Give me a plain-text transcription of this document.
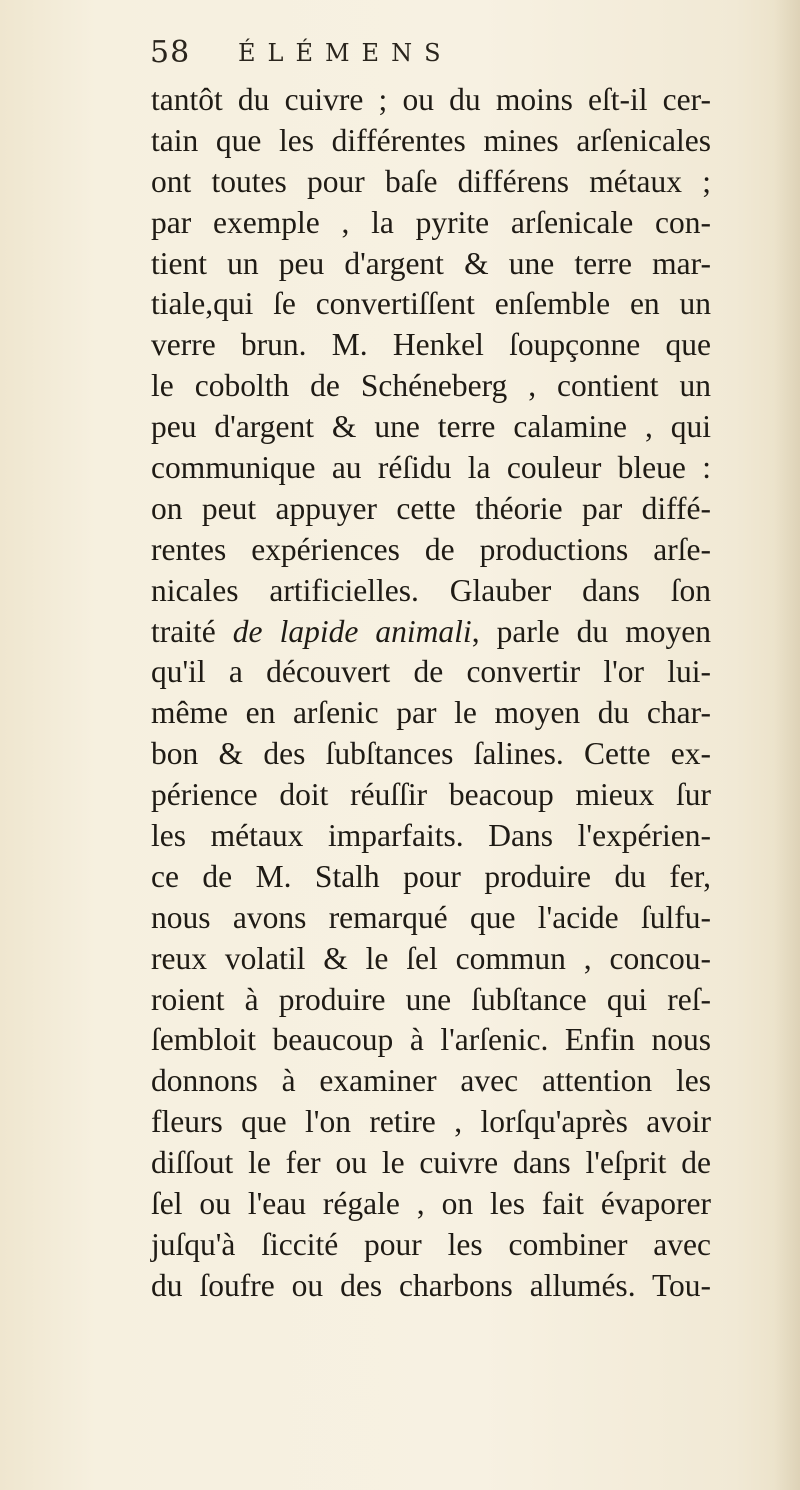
58 ÉLÉMENS
tantôt du cuivre ; ou du moins eſt-il cer-
tain que les différentes mines arſenicales
ont toutes pour baſe différens métaux ;
par exemple , la pyrite arſenicale con-
tient un peu d'argent & une terre mar-
tiale,qui ſe convertiſſent enſemble en un
verre brun. M. Henkel ſoupçonne que
le cobolth de Schéneberg , contient un
peu d'argent & une terre calamine , qui
communique au réſidu la couleur bleue :
on peut appuyer cette théorie par diffé-
rentes expériences de productions arſe-
nicales artificielles. Glauber dans ſon
traité de lapide animali, parle du moyen
qu'il a découvert de convertir l'or lui-
même en arſenic par le moyen du char-
bon & des ſubſtances ſalines. Cette ex-
périence doit réuſſir beacoup mieux ſur
les métaux imparfaits. Dans l'expérien-
ce de M. Stalh pour produire du fer,
nous avons remarqué que l'acide ſulfu-
reux volatil & le ſel commun , concou-
roient à produire une ſubſtance qui reſ-
ſembloit beaucoup à l'arſenic. Enfin nous
donnons à examiner avec attention les
fleurs que l'on retire , lorſqu'après avoir
diſſout le fer ou le cuivre dans l'eſprit de
ſel ou l'eau régale , on les fait évaporer
juſqu'à ſiccité pour les combiner avec
du ſoufre ou des charbons allumés. Tou-
